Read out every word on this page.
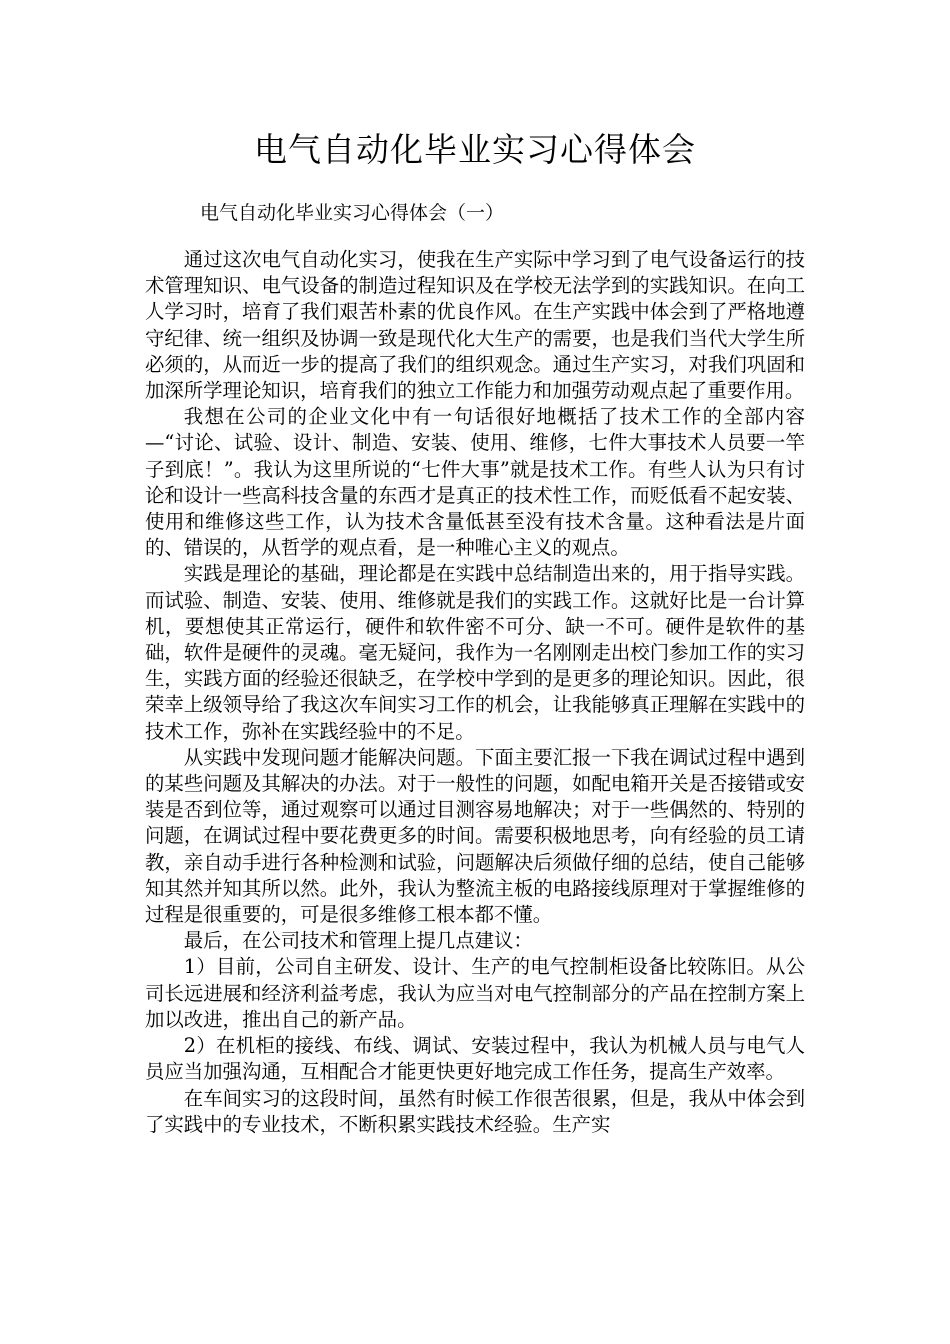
电气自动化毕业实习心得体会
电气自动化毕业实习心得体会（一）

通过这次电气自动化实习，使我在生产实际中学习到了电气设备运行的技术管理知识、电气设备的制造过程知识及在学校无法学到的实践知识。在向工人学习时，培育了我们艰苦朴素的优良作风。在生产实践中体会到了严格地遵守纪律、统一组织及协调一致是现代化大生产的需要，也是我们当代大学生所必须的，从而近一步的提高了我们的组织观念。通过生产实习，对我们巩固和加深所学理论知识，培育我们的独立工作能力和加强劳动观点起了重要作用。

我想在公司的企业文化中有一句话很好地概括了技术工作的全部内容—“讨论、试验、设计、制造、安装、使用、维修，七件大事技术人员要一竿子到底！”。我认为这里所说的“七件大事”就是技术工作。有些人认为只有讨论和设计一些高科技含量的东西才是真正的技术性工作，而贬低看不起安装、使用和维修这些工作，认为技术含量低甚至没有技术含量。这种看法是片面的、错误的，从哲学的观点看，是一种唯心主义的观点。

实践是理论的基础，理论都是在实践中总结制造出来的，用于指导实践。而试验、制造、安装、使用、维修就是我们的实践工作。这就好比是一台计算机，要想使其正常运行，硬件和软件密不可分、缺一不可。硬件是软件的基础，软件是硬件的灵魂。毫无疑问，我作为一名刚刚走出校门参加工作的实习生，实践方面的经验还很缺乏，在学校中学到的是更多的理论知识。因此，很荣幸上级领导给了我这次车间实习工作的机会，让我能够真正理解在实践中的技术工作，弥补在实践经验中的不足。

从实践中发现问题才能解决问题。下面主要汇报一下我在调试过程中遇到的某些问题及其解决的办法。对于一般性的问题，如配电箱开关是否接错或安装是否到位等，通过观察可以通过目测容易地解决；对于一些偶然的、特别的问题，在调试过程中要花费更多的时间。需要积极地思考，向有经验的员工请教，亲自动手进行各种检测和试验，问题解决后须做仔细的总结，使自己能够知其然并知其所以然。此外，我认为整流主板的电路接线原理对于掌握维修的过程是很重要的，可是很多维修工根本都不懂。

最后，在公司技术和管理上提几点建议：

1）目前，公司自主研发、设计、生产的电气控制柜设备比较陈旧。从公司长远进展和经济利益考虑，我认为应当对电气控制部分的产品在控制方案上加以改进，推出自己的新产品。

2）在机柜的接线、布线、调试、安装过程中，我认为机械人员与电气人员应当加强沟通，互相配合才能更快更好地完成工作任务，提高生产效率。

在车间实习的这段时间，虽然有时候工作很苦很累，但是，我从中体会到了实践中的专业技术，不断积累实践技术经验。生产实
